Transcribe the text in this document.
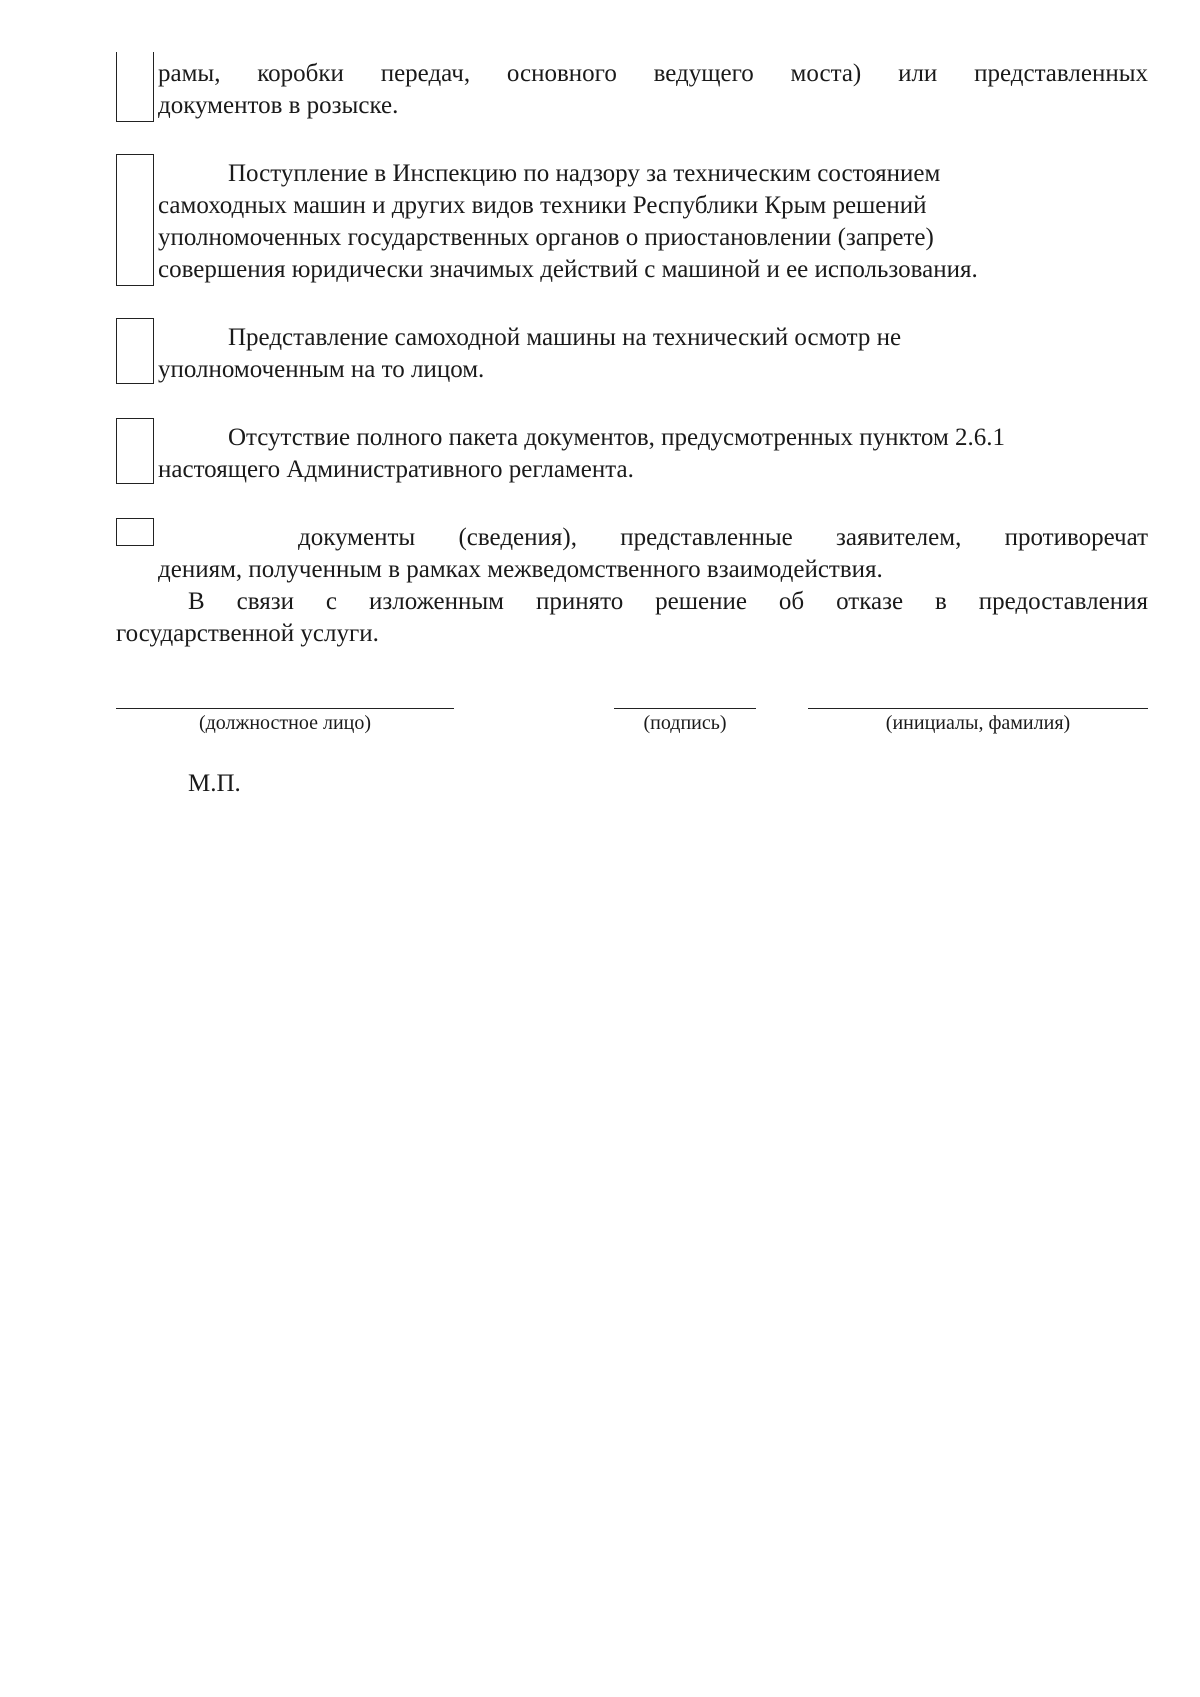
рамы, коробки передач, основного ведущего моста) или представленных
документов в розыске.
Поступление в Инспекцию по надзору за техническим состоянием
самоходных машин и других видов техники Республики Крым решений
уполномоченных государственных органов о приостановлении (запрете)
совершения юридически значимых действий с машиной и ее использования.
Представление самоходной машины на технический осмотр не
уполномоченным на то лицом.
Отсутствие полного пакета документов, предусмотренных пунктом 2.6.1
настоящего Административного регламента.
документы (сведения), представленные заявителем, противоречат
дениям, полученным в рамках межведомственного взаимодействия.
В связи с изложенным принято решение об отказе в предоставления
государственной услуги.
(должностное лицо)	(подпись)	(инициалы, фамилия)
М.П.
